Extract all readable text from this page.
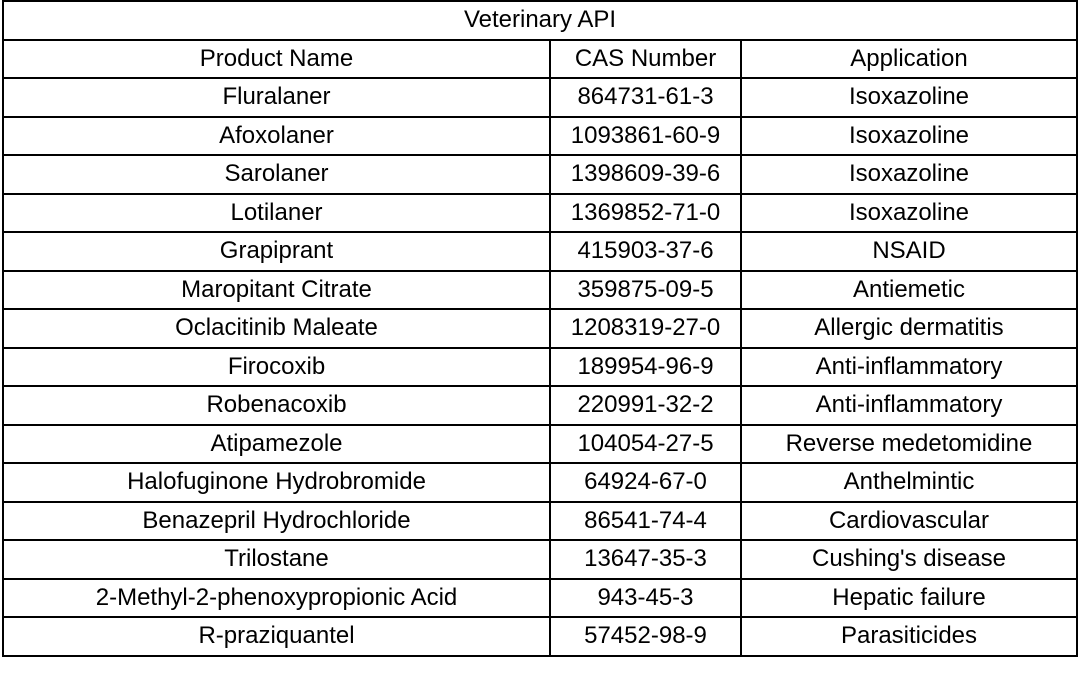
Veterinary API		
Product Name	CAS Number	Application
Fluralaner	864731-61-3	Isoxazoline
Afoxolaner	1093861-60-9	Isoxazoline
Sarolaner	1398609-39-6	Isoxazoline
Lotilaner	1369852-71-0	Isoxazoline
Grapiprant	415903-37-6	NSAID
Maropitant Citrate	359875-09-5	Antiemetic
Oclacitinib Maleate	1208319-27-0	Allergic dermatitis
Firocoxib	189954-96-9	Anti-inflammatory
Robenacoxib	220991-32-2	Anti-inflammatory
Atipamezole	104054-27-5	Reverse medetomidine
Halofuginone Hydrobromide	64924-67-0	Anthelmintic
Benazepril Hydrochloride	86541-74-4	Cardiovascular
Trilostane	13647-35-3	Cushing's disease
2-Methyl-2-phenoxypropionic Acid	943-45-3	Hepatic failure
R-praziquantel	57452-98-9	Parasiticides
